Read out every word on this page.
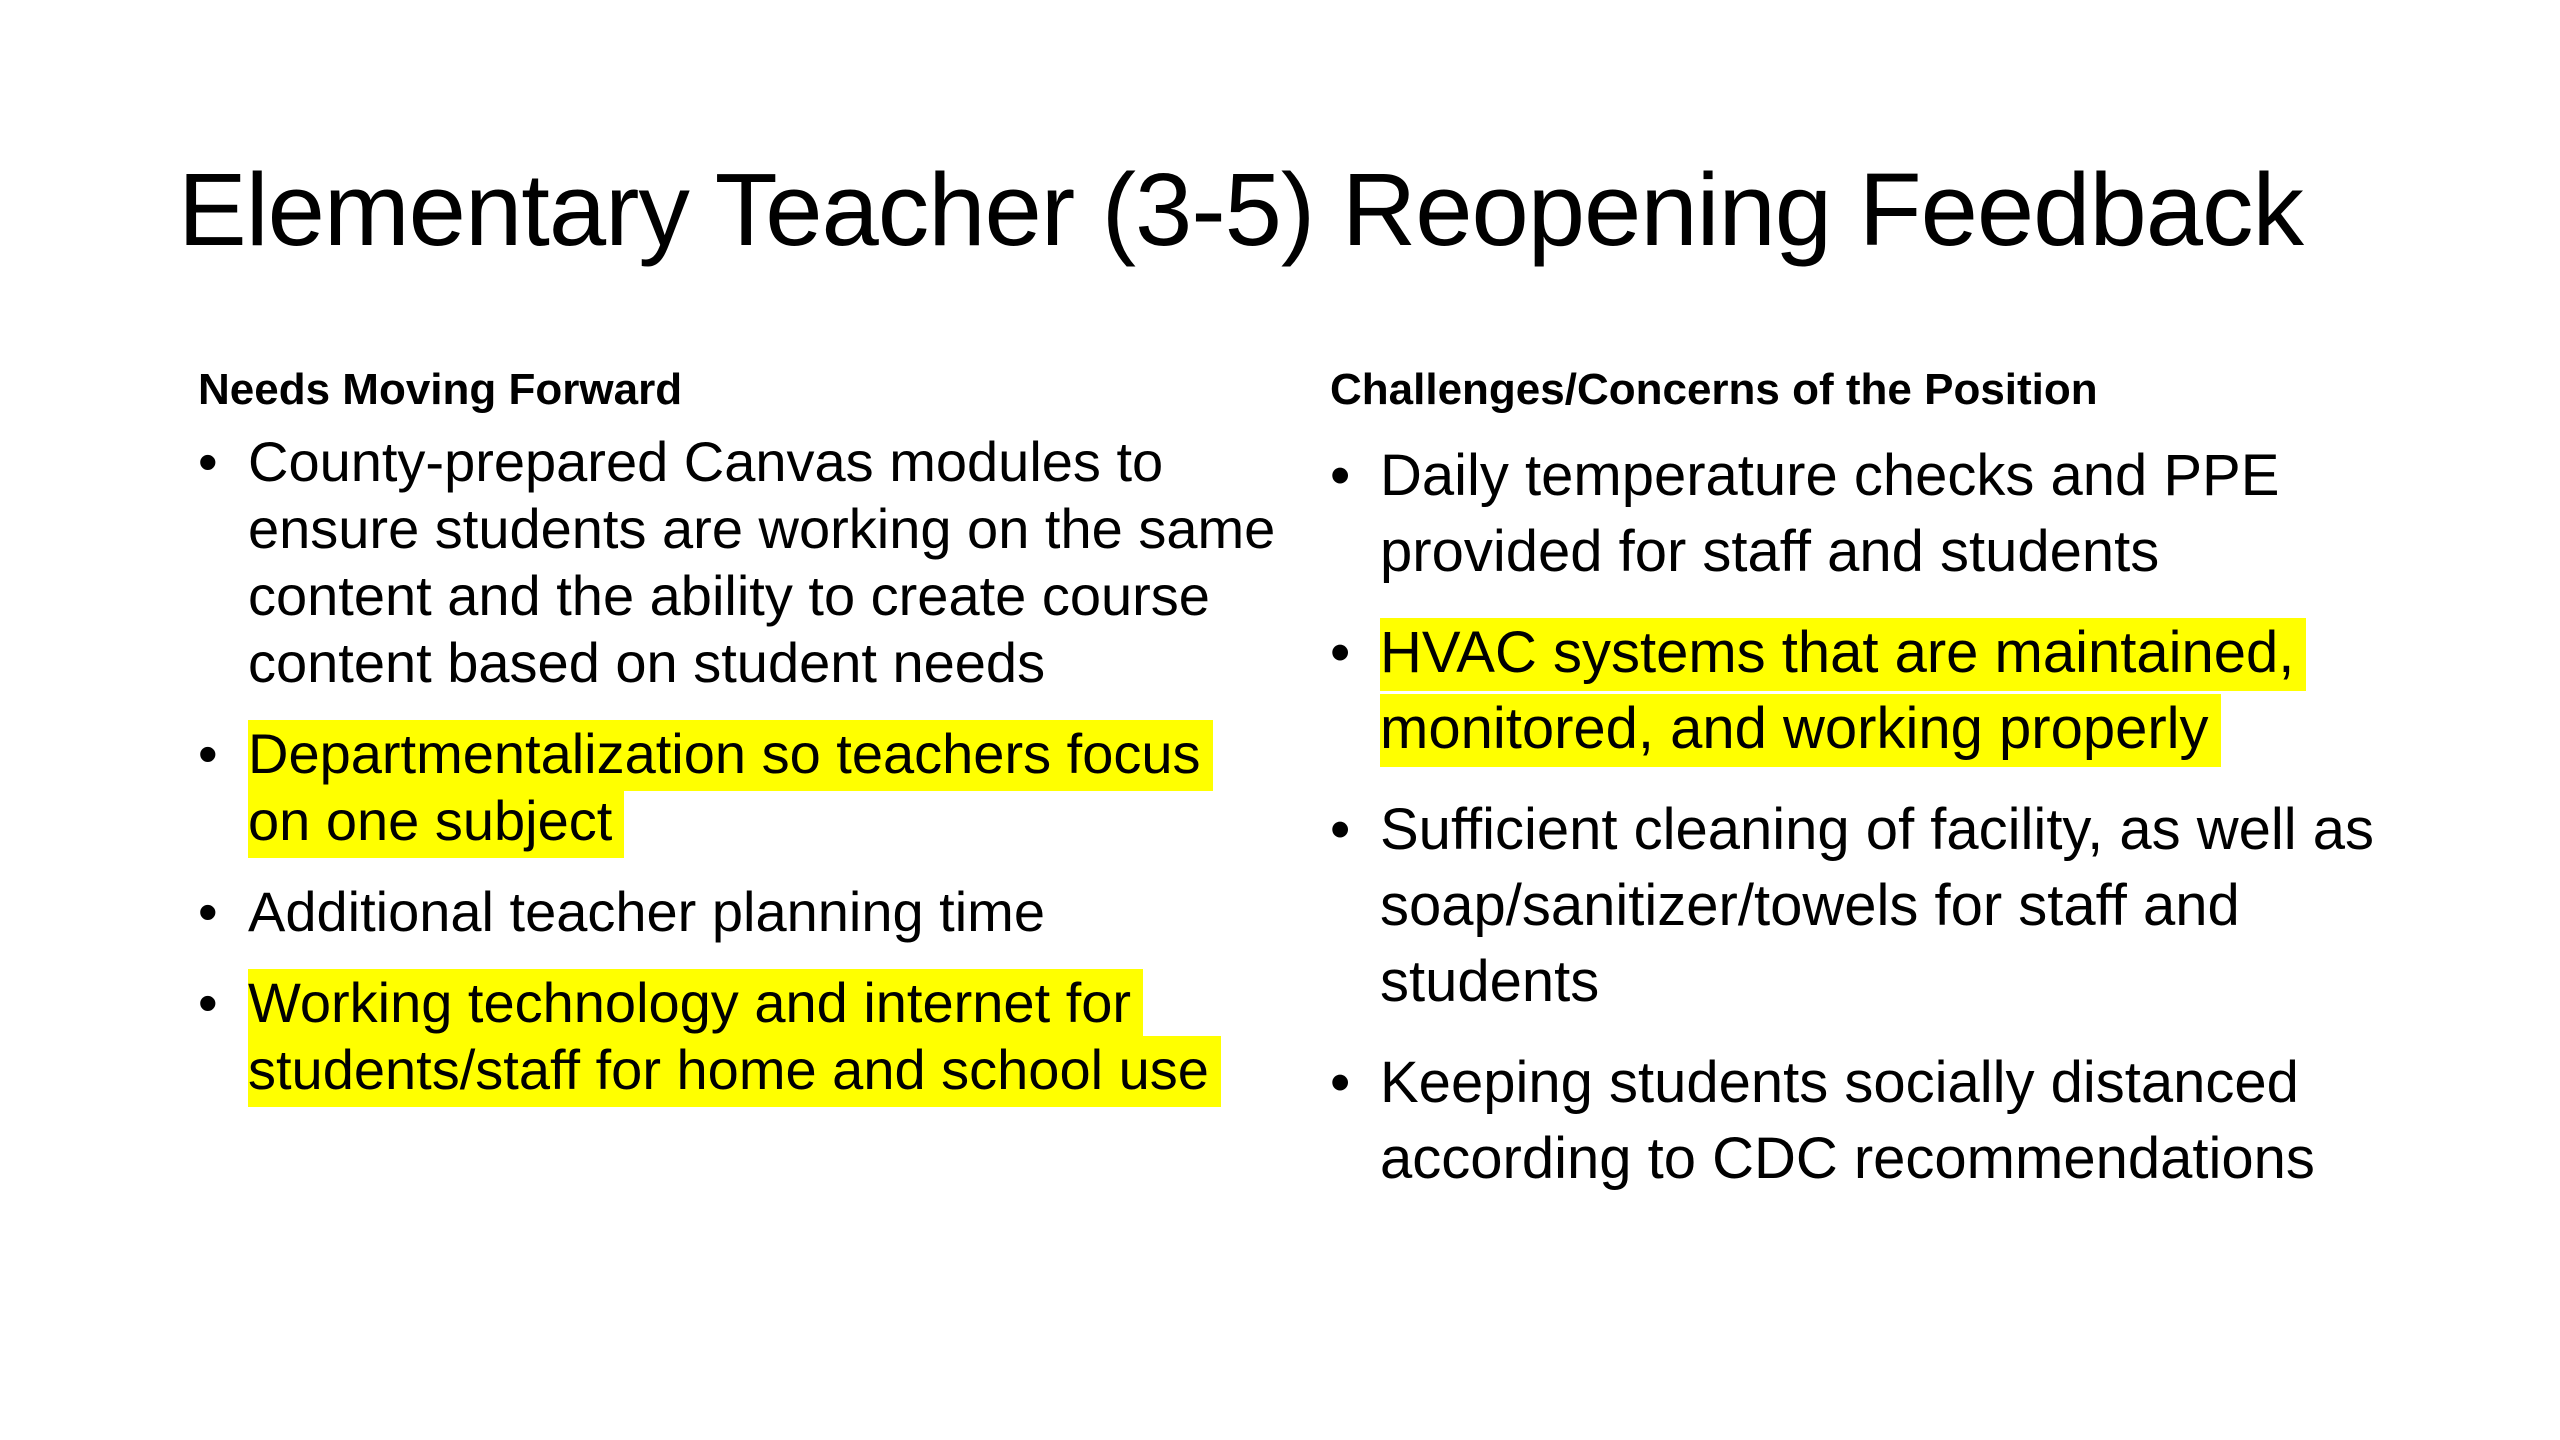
Elementary Teacher (3-5) Reopening Feedback
Needs Moving Forward
• County-prepared Canvas modules to ensure students are working on the same content and the ability to create course content based on student needs
• Departmentalization so teachers focus on one subject
• Additional teacher planning time
• Working technology and internet for students/staff for home and school use
Challenges/Concerns of the Position
• Daily temperature checks and PPE provided for staff and students
• HVAC systems that are maintained, monitored, and working properly
• Sufficient cleaning of facility, as well as soap/sanitizer/towels for staff and students
• Keeping students socially distanced according to CDC recommendations
